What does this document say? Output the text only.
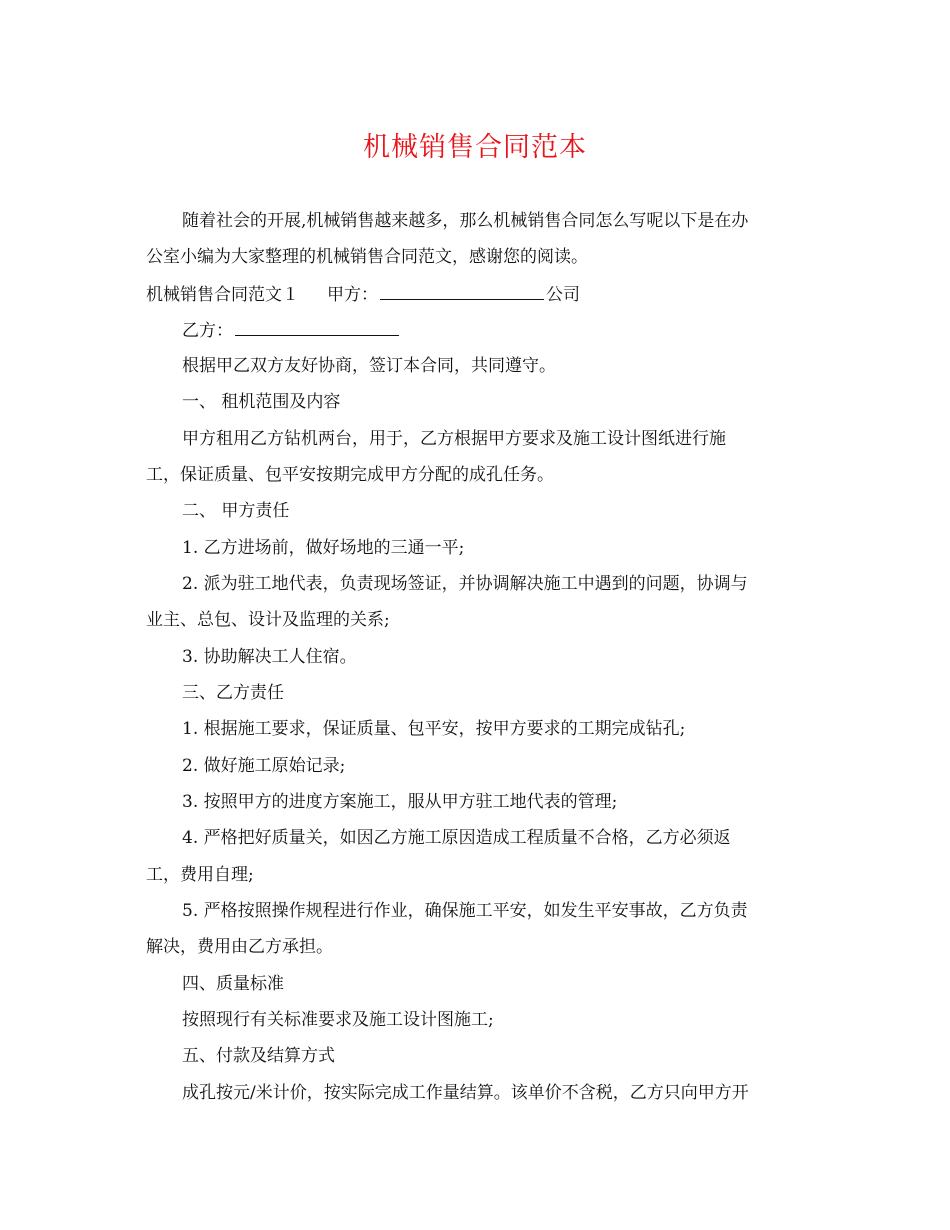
机械销售合同范本
随着社会的开展,机械销售越来越多，那么机械销售合同怎么写呢以下是在办
公室小编为大家整理的机械销售合同范文，感谢您的阅读。
机械销售合同范文１ 甲方：	公司
乙方：
根据甲乙双方友好协商，签订本合同，共同遵守。
一、 租机范围及内容
甲方租用乙方钻机两台，用于，乙方根据甲方要求及施工设计图纸进行施
工，保证质量、包平安按期完成甲方分配的成孔任务。
二、 甲方责任
1. 乙方进场前，做好场地的三通一平;
2. 派为驻工地代表，负责现场签证，并协调解决施工中遇到的问题，协调与
业主、总包、设计及监理的关系;
3. 协助解决工人住宿。
三、乙方责任
1. 根据施工要求，保证质量、包平安，按甲方要求的工期完成钻孔;
2. 做好施工原始记录;
3. 按照甲方的进度方案施工，服从甲方驻工地代表的管理;
4. 严格把好质量关，如因乙方施工原因造成工程质量不合格，乙方必须返
工，费用自理;
5. 严格按照操作规程进行作业，确保施工平安，如发生平安事故，乙方负责
解决，费用由乙方承担。
四、质量标准
按照现行有关标准要求及施工设计图施工;
五、付款及结算方式
成孔按元/米计价，按实际完成工作量结算。该单价不含税，乙方只向甲方开
